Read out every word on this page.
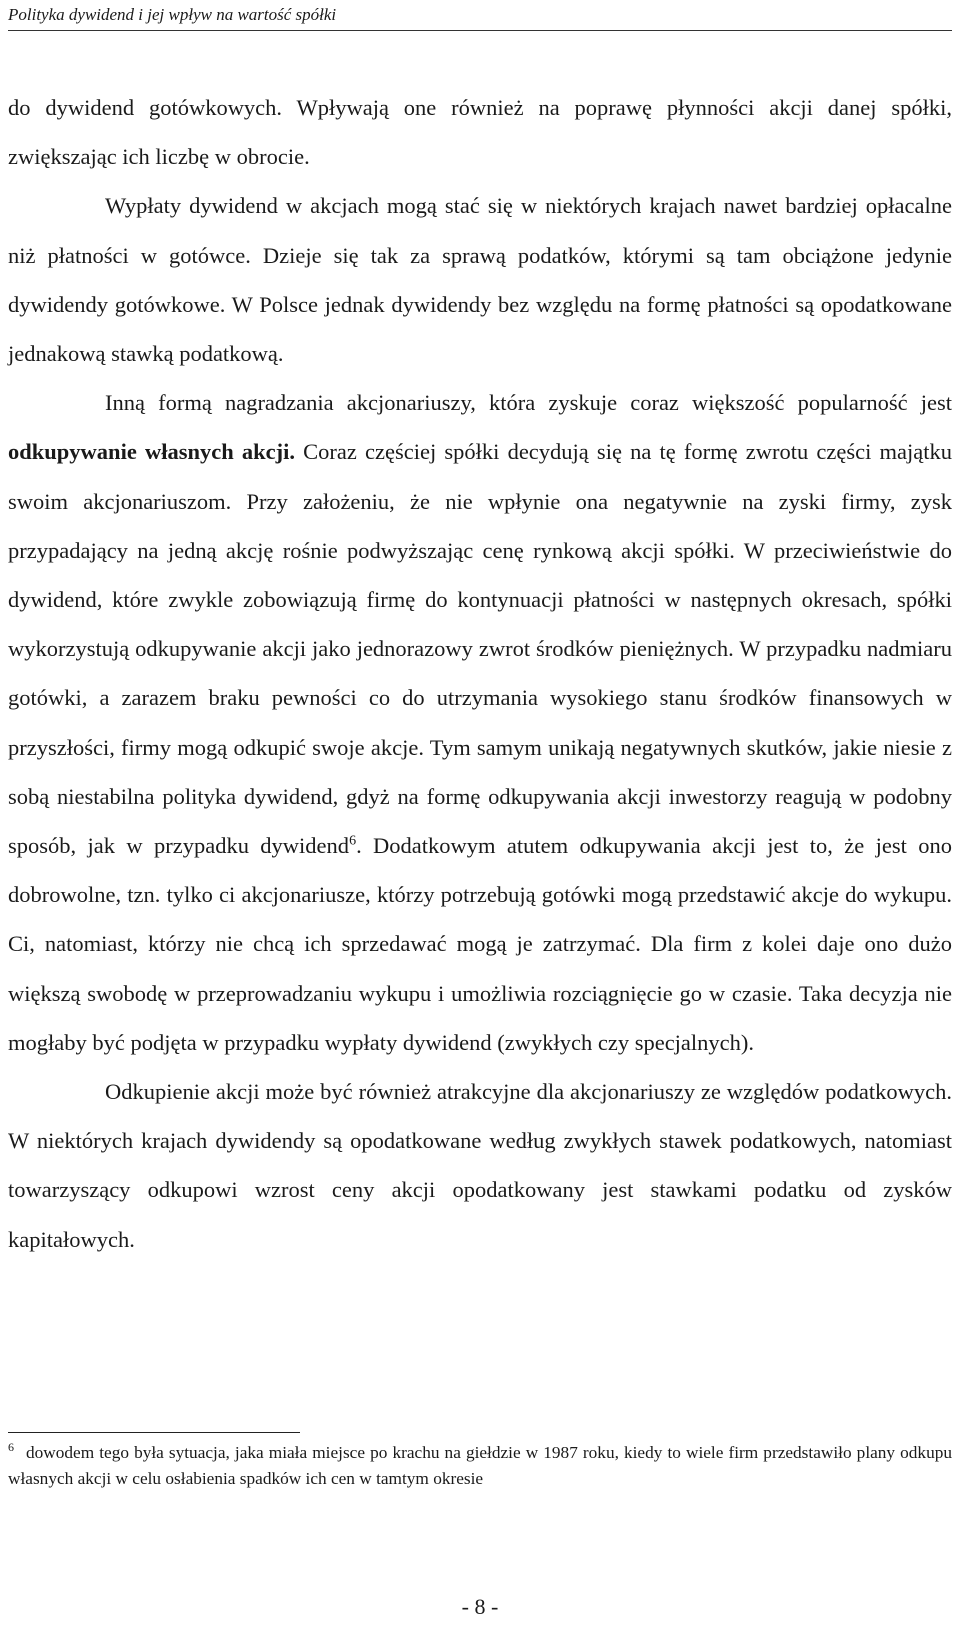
Polityka dywidend i jej wpływ na wartość spółki

do dywidend gotówkowych. Wpływają one również na poprawę płynności akcji danej spółki, zwiększając ich liczbę w obrocie.

Wypłaty dywidend w akcjach mogą stać się w niektórych krajach nawet bardziej opłacalne niż płatności w gotówce. Dzieje się tak za sprawą podatków, którymi są tam obciążone jedynie dywidendy gotówkowe. W Polsce jednak dywidendy bez względu na formę płatności są opodatkowane jednakową stawką podatkową.

Inną formą nagradzania akcjonariuszy, która zyskuje coraz większość popularność jest odkupywanie własnych akcji. Coraz częściej spółki decydują się na tę formę zwrotu części majątku swoim akcjonariuszom. Przy założeniu, że nie wpłynie ona negatywnie na zyski firmy, zysk przypadający na jedną akcję rośnie podwyższając cenę rynkową akcji spółki. W przeciwieństwie do dywidend, które zwykle zobowiązują firmę do kontynuacji płatności w następnych okresach, spółki wykorzystują odkupywanie akcji jako jednorazowy zwrot środków pieniężnych. W przypadku nadmiaru gotówki, a zarazem braku pewności co do utrzymania wysokiego stanu środków finansowych w przyszłości, firmy mogą odkupić swoje akcje. Tym samym unikają negatywnych skutków, jakie niesie z sobą niestabilna polityka dywidend, gdyż na formę odkupywania akcji inwestorzy reagują w podobny sposób, jak w przypadku dywidend$^6$. Dodatkowym atutem odkupywania akcji jest to, że jest ono dobrowolne, tzn. tylko ci akcjonariusze, którzy potrzebują gotówki mogą przedstawić akcje do wykupu. Ci, natomiast, którzy nie chcą ich sprzedawać mogą je zatrzymać. Dla firm z kolei daje ono dużo większą swobodę w przeprowadzaniu wykupu i umożliwia rozciągnięcie go w czasie. Taka decyzja nie mogłaby być podjęta w przypadku wypłaty dywidend (zwykłych czy specjalnych).

Odkupienie akcji może być również atrakcyjne dla akcjonariuszy ze względów podatkowych. W niektórych krajach dywidendy są opodatkowane według zwykłych stawek podatkowych, natomiast towarzyszący odkupowi wzrost ceny akcji opodatkowany jest stawkami podatku od zysków kapitałowych.

$^6$ dowodem tego była sytuacja, jaka miała miejsce po krachu na giełdzie w 1987 roku, kiedy to wiele firm przedstawiło plany odkupu własnych akcji w celu osłabienia spadków ich cen w tamtym okresie
- 8 -
